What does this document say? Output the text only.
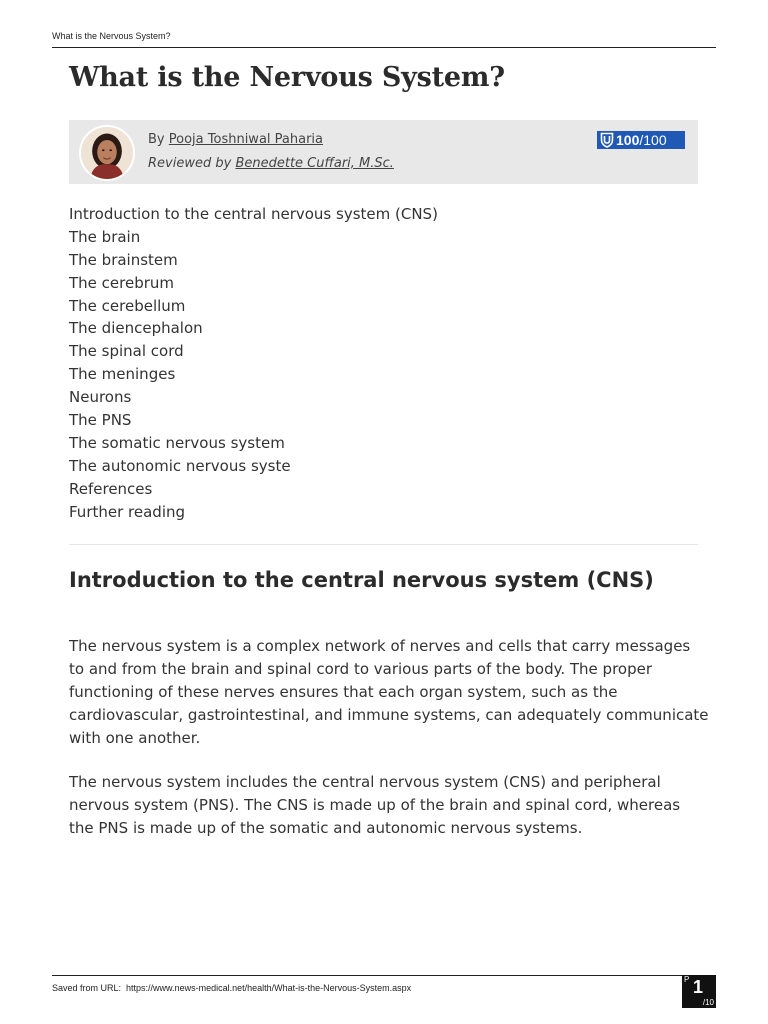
What is the Nervous System?
What is the Nervous System?
By Pooja Toshniwal Paharia
Reviewed by Benedette Cuffari, M.Sc.
100 /100
Introduction to the central nervous system (CNS)
The brain
The brainstem
The cerebrum
The cerebellum
The diencephalon
The spinal cord
The meninges
Neurons
The PNS
The somatic nervous system
The autonomic nervous syste
References
Further reading
Introduction to the central nervous system (CNS)

The nervous system is a complex network of nerves and cells that carry messages to and from the brain and spinal cord to various parts of the body. The proper functioning of these nerves ensures that each organ system, such as the cardiovascular, gastrointestinal, and immune systems, can adequately communicate with one another.

The nervous system includes the central nervous system (CNS) and peripheral nervous system (PNS). The CNS is made up of the brain and spinal cord, whereas the PNS is made up of the somatic and autonomic nervous systems.

Saved from URL: https://www.news-medical.net/health/What-is-the-Nervous-System.aspx
P 1
/10
